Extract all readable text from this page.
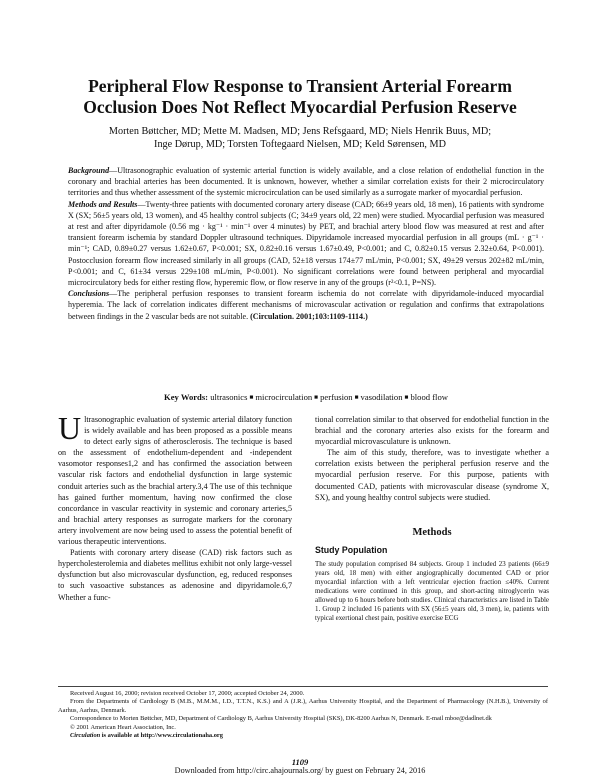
Peripheral Flow Response to Transient Arterial Forearm
Occlusion Does Not Reflect Myocardial Perfusion Reserve
Morten Bøttcher, MD; Mette M. Madsen, MD; Jens Refsgaard, MD; Niels Henrik Buus, MD;
Inge Dørup, MD; Torsten Toftegaard Nielsen, MD; Keld Sørensen, MD

Background—Ultrasonographic evaluation of systemic arterial function is widely available, and a close relation of endothelial function in the coronary and brachial arteries has been documented. It is unknown, however, whether a similar correlation exists for their 2 microcirculatory territories and thus whether assessment of the systemic microcirculation can be used similarly as a surrogate marker of myocardial perfusion.

Methods and Results—Twenty-three patients with documented coronary artery disease (CAD; 66±9 years old, 18 men), 16 patients with syndrome X (SX; 56±5 years old, 13 women), and 45 healthy control subjects (C; 34±9 years old, 22 men) were studied. Myocardial perfusion was measured at rest and after dipyridamole (0.56 mg · kg⁻¹ · min⁻¹ over 4 minutes) by PET, and brachial artery blood flow was measured at rest and after transient forearm ischemia by standard Doppler ultrasound techniques. Dipyridamole increased myocardial perfusion in all groups (mL · g⁻¹ · min⁻¹; CAD, 0.89±0.27 versus 1.62±0.67, P<0.001; SX, 0.82±0.16 versus 1.67±0.49, P<0.001; and C, 0.82±0.15 versus 2.32±0.64, P<0.001). Postocclusion forearm flow increased similarly in all groups (CAD, 52±18 versus 174±77 mL/min, P<0.001; SX, 49±29 versus 202±82 mL/min, P<0.001; and C, 61±34 versus 229±108 mL/min, P<0.001). No significant correlations were found between peripheral and myocardial microcirculatory beds for either resting flow, hyperemic flow, or flow reserve in any of the groups (r²<0.1, P=NS).

Conclusions—The peripheral perfusion responses to transient forearm ischemia do not correlate with dipyridamole-induced myocardial hyperemia. The lack of correlation indicates different mechanisms of microvascular activation or regulation and confirms that extrapolations between findings in the 2 vascular beds are not suitable. (Circulation. 2001;103:1109-1114.)

Key Words: ultrasonics ■ microcirculation ■ perfusion ■ vasodilation ■ blood flow

Ultrasonographic evaluation of systemic arterial dilatory function is widely available and has been proposed as a possible means to detect early signs of atherosclerosis. The technique is based on the assessment of endothelium-dependent and -independent vasomotor responses1,2 and has confirmed the association between vascular risk factors and endothelial dysfunction in large systemic conduit arteries such as the brachial artery.3,4 The use of this technique has gained further momentum, having now confirmed the close concordance in vascular reactivity in systemic and coronary arteries,5 and brachial artery responses as surrogate markers for the coronary artery involvement are now being used to assess the potential benefit of various therapeutic interventions.

Patients with coronary artery disease (CAD) risk factors such as hypercholesterolemia and diabetes mellitus exhibit not only large-vessel dysfunction but also microvascular dysfunction, eg, reduced responses to such vasoactive substances as adenosine and dipyridamole.6,7 Whether a func-

tional correlation similar to that observed for endothelial function in the brachial and the coronary arteries also exists for the forearm and myocardial microvasculature is unknown.

The aim of this study, therefore, was to investigate whether a correlation exists between the peripheral perfusion reserve and the myocardial perfusion reserve. For this purpose, patients with documented CAD, patients with microvascular disease (syndrome X, SX), and young healthy control subjects were studied.

Methods
Study Population

The study population comprised 84 subjects. Group 1 included 23 patients (66±9 years old, 18 men) with either angiographically documented CAD or prior myocardial infarction with a left ventricular ejection fraction ≤40%. Current medications were continued in this group, and short-acting nitroglycerin was allowed up to 6 hours before both studies. Clinical characteristics are listed in Table 1. Group 2 included 16 patients with SX (56±5 years old, 3 men), ie, patients with typical exertional chest pain, positive exercise ECG

Received August 16, 2000; revision received October 17, 2000; accepted October 24, 2000.

From the Departments of Cardiology B (M.B., M.M.M., I.D., T.T.N., K.S.) and A (J.R.), Aarhus University Hospital, and the Department of Pharmacology (N.H.B.), University of Aarhus, Aarhus, Denmark.

Correspondence to Morten Bøttcher, MD, Department of Cardiology B, Aarhus University Hospital (SKS), DK-8200 Aarhus N, Denmark. E-mail mboe@dadlnet.dk

© 2001 American Heart Association, Inc.

Circulation is available at http://www.circulationaha.org

1109
Downloaded from http://circ.ahajournals.org/ by guest on February 24, 2016
